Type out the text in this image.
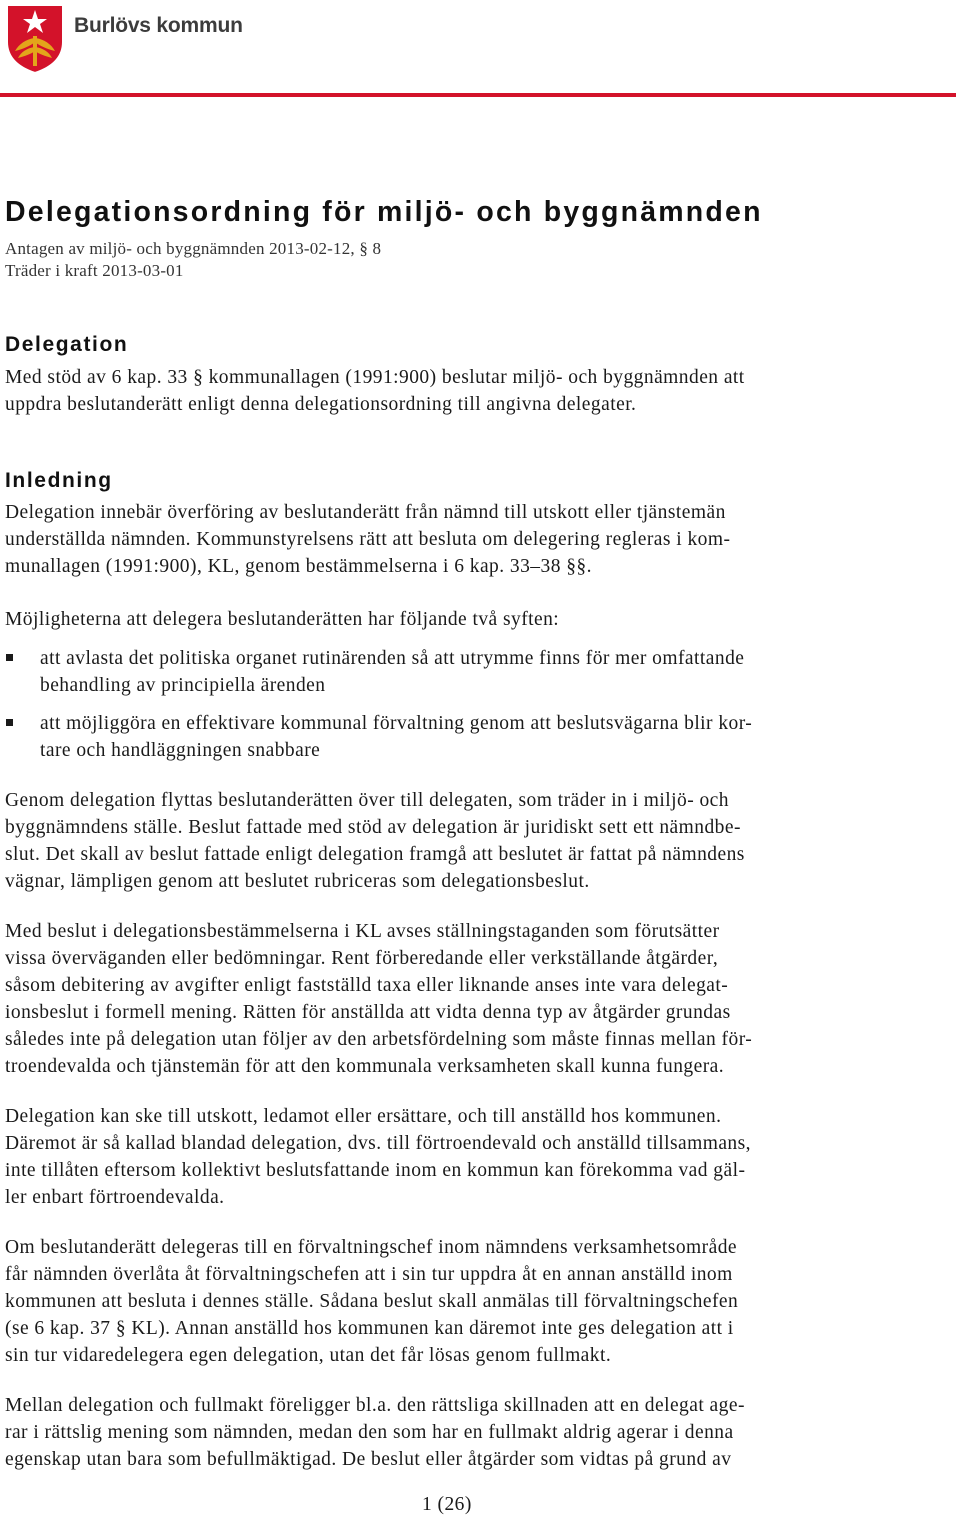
Burlövs kommun
Delegationsordning för miljö- och byggnämnden
Antagen av miljö- och byggnämnden 2013-02-12, § 8
Träder i kraft 2013-03-01
Delegation
Med stöd av 6 kap. 33 § kommunallagen (1991:900) beslutar miljö- och byggnämnden att
uppdra beslutanderätt enligt denna delegationsordning till angivna delegater.
Inledning
Delegation innebär överföring av beslutanderätt från nämnd till utskott eller tjänstemän
underställda nämnden. Kommunstyrelsens rätt att besluta om delegering regleras i kom-
munallagen (1991:900), KL, genom bestämmelserna i 6 kap. 33–38 §§.
Möjligheterna att delegera beslutanderätten har följande två syften:
att avlasta det politiska organet rutinärenden så att utrymme finns för mer omfattande
behandling av principiella ärenden
att möjliggöra en effektivare kommunal förvaltning genom att beslutsvägarna blir kor-
tare och handläggningen snabbare
Genom delegation flyttas beslutanderätten över till delegaten, som träder in i miljö- och
byggnämndens ställe. Beslut fattade med stöd av delegation är juridiskt sett ett nämndbe-
slut. Det skall av beslut fattade enligt delegation framgå att beslutet är fattat på nämndens
vägnar, lämpligen genom att beslutet rubriceras som delegationsbeslut.
Med beslut i delegationsbestämmelserna i KL avses ställningstaganden som förutsätter
vissa överväganden eller bedömningar. Rent förberedande eller verkställande åtgärder,
såsom debitering av avgifter enligt fastställd taxa eller liknande anses inte vara delegat-
ionsbeslut i formell mening. Rätten för anställda att vidta denna typ av åtgärder grundas
således inte på delegation utan följer av den arbetsfördelning som måste finnas mellan för-
troendevalda och tjänstemän för att den kommunala verksamheten skall kunna fungera.
Delegation kan ske till utskott, ledamot eller ersättare, och till anställd hos kommunen.
Däremot är så kallad blandad delegation, dvs. till förtroendevald och anställd tillsammans,
inte tillåten eftersom kollektivt beslutsfattande inom en kommun kan förekomma vad gäl-
ler enbart förtroendevalda.
Om beslutanderätt delegeras till en förvaltningschef inom nämndens verksamhetsområde
får nämnden överlåta åt förvaltningschefen att i sin tur uppdra åt en annan anställd inom
kommunen att besluta i dennes ställe. Sådana beslut skall anmälas till förvaltningschefen
(se 6 kap. 37 § KL). Annan anställd hos kommunen kan däremot inte ges delegation att i
sin tur vidaredelegera egen delegation, utan det får lösas genom fullmakt.
Mellan delegation och fullmakt föreligger bl.a. den rättsliga skillnaden att en delegat age-
rar i rättslig mening som nämnden, medan den som har en fullmakt aldrig agerar i denna
egenskap utan bara som befullmäktigad. De beslut eller åtgärder som vidtas på grund av
1 (26)
